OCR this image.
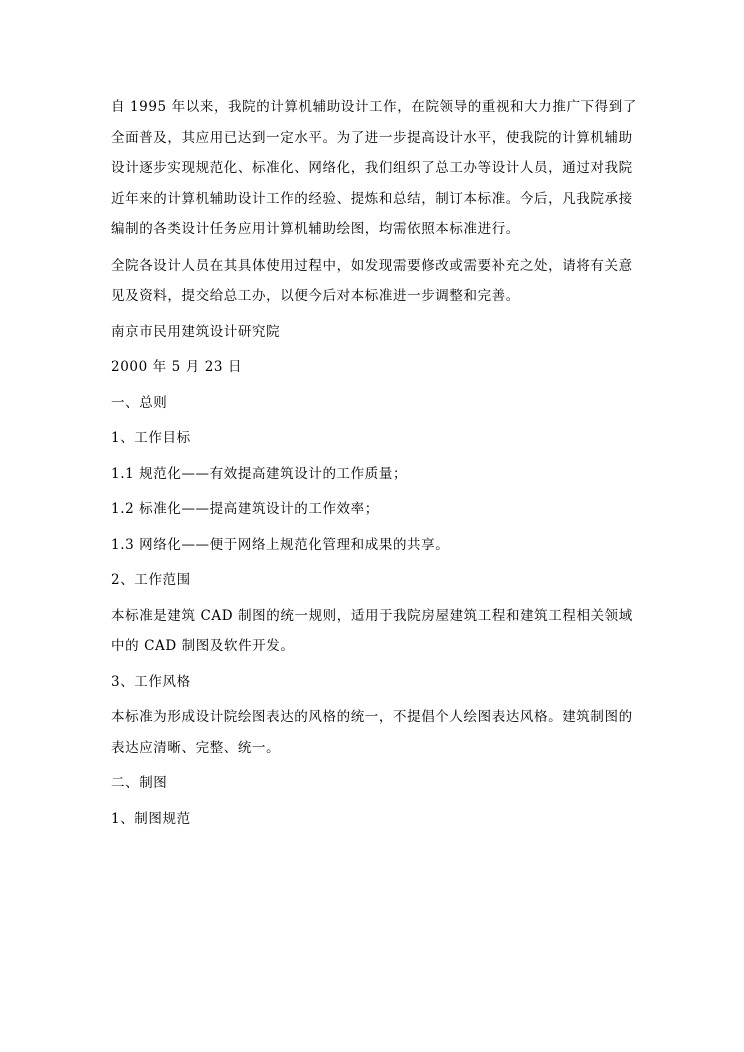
自 1995 年以来，我院的计算机辅助设计工作，在院领导的重视和大力推广下得到了全面普及，其应用已达到一定水平。为了进一步提高设计水平，使我院的计算机辅助设计逐步实现规范化、标准化、网络化，我们组织了总工办等设计人员，通过对我院近年来的计算机辅助设计工作的经验、提炼和总结，制订本标准。今后，凡我院承接编制的各类设计任务应用计算机辅助绘图，均需依照本标准进行。

全院各设计人员在其具体使用过程中，如发现需要修改或需要补充之处，请将有关意见及资料，提交给总工办，以便今后对本标准进一步调整和完善。

南京市民用建筑设计研究院

2000 年 5 月 23 日

一、总则

1、工作目标

1.1 规范化——有效提高建筑设计的工作质量；

1.2 标准化——提高建筑设计的工作效率；

1.3 网络化——便于网络上规范化管理和成果的共享。

2、工作范围

本标准是建筑 CAD 制图的统一规则，适用于我院房屋建筑工程和建筑工程相关领域中的 CAD 制图及软件开发。

3、工作风格

本标准为形成设计院绘图表达的风格的统一，不提倡个人绘图表达风格。建筑制图的表达应清晰、完整、统一。

二、制图

1、制图规范
